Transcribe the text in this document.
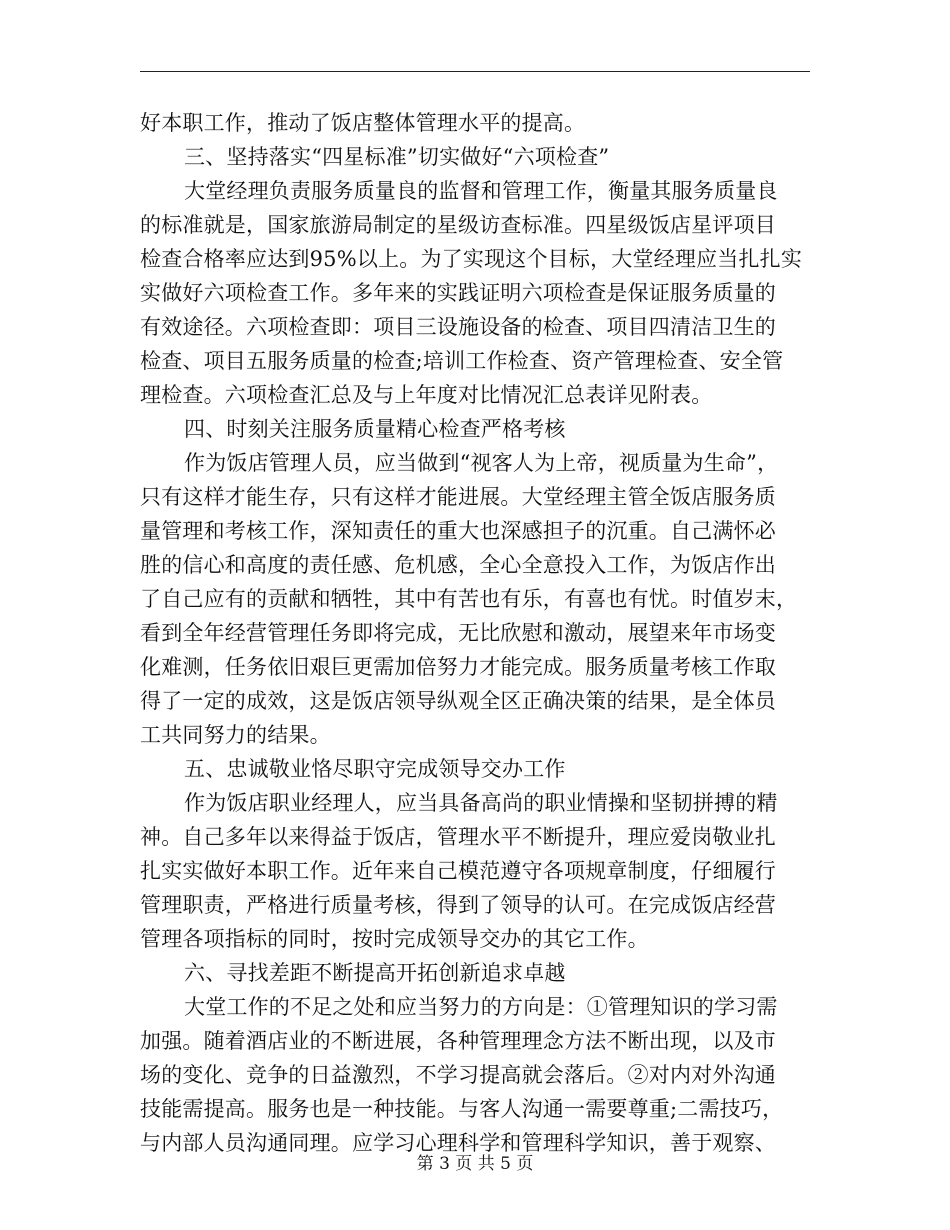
好本职工作，推动了饭店整体管理水平的提高。
三、坚持落实“四星标准”切实做好“六项检查”
大堂经理负责服务质量良的监督和管理工作，衡量其服务质量良
的标准就是，国家旅游局制定的星级访查标准。四星级饭店星评项目
检查合格率应达到95%以上。为了实现这个目标，大堂经理应当扎扎实
实做好六项检查工作。多年来的实践证明六项检查是保证服务质量的
有效途径。六项检查即：项目三设施设备的检查、项目四清洁卫生的
检查、项目五服务质量的检查;培训工作检查、资产管理检查、安全管
理检查。六项检查汇总及与上年度对比情况汇总表详见附表。
四、时刻关注服务质量精心检查严格考核
作为饭店管理人员，应当做到“视客人为上帝，视质量为生命”，
只有这样才能生存，只有这样才能进展。大堂经理主管全饭店服务质
量管理和考核工作，深知责任的重大也深感担子的沉重。自己满怀必
胜的信心和高度的责任感、危机感，全心全意投入工作，为饭店作出
了自己应有的贡献和牺牲，其中有苦也有乐，有喜也有忧。时值岁末，
看到全年经营管理任务即将完成，无比欣慰和激动，展望来年市场变
化难测，任务依旧艰巨更需加倍努力才能完成。服务质量考核工作取
得了一定的成效，这是饭店领导纵观全区正确决策的结果，是全体员
工共同努力的结果。
五、忠诚敬业恪尽职守完成领导交办工作
作为饭店职业经理人，应当具备高尚的职业情操和坚韧拼搏的精
神。自己多年以来得益于饭店，管理水平不断提升，理应爱岗敬业扎
扎实实做好本职工作。近年来自己模范遵守各项规章制度，仔细履行
管理职责，严格进行质量考核，得到了领导的认可。在完成饭店经营
管理各项指标的同时，按时完成领导交办的其它工作。
六、寻找差距不断提高开拓创新追求卓越
大堂工作的不足之处和应当努力的方向是：①管理知识的学习需
加强。随着酒店业的不断进展，各种管理理念方法不断出现，以及市
场的变化、竞争的日益激烈，不学习提高就会落后。②对内对外沟通
技能需提高。服务也是一种技能。与客人沟通一需要尊重;二需技巧，
与内部人员沟通同理。应学习心理科学和管理科学知识，善于观察、
第 3 页 共 5 页
